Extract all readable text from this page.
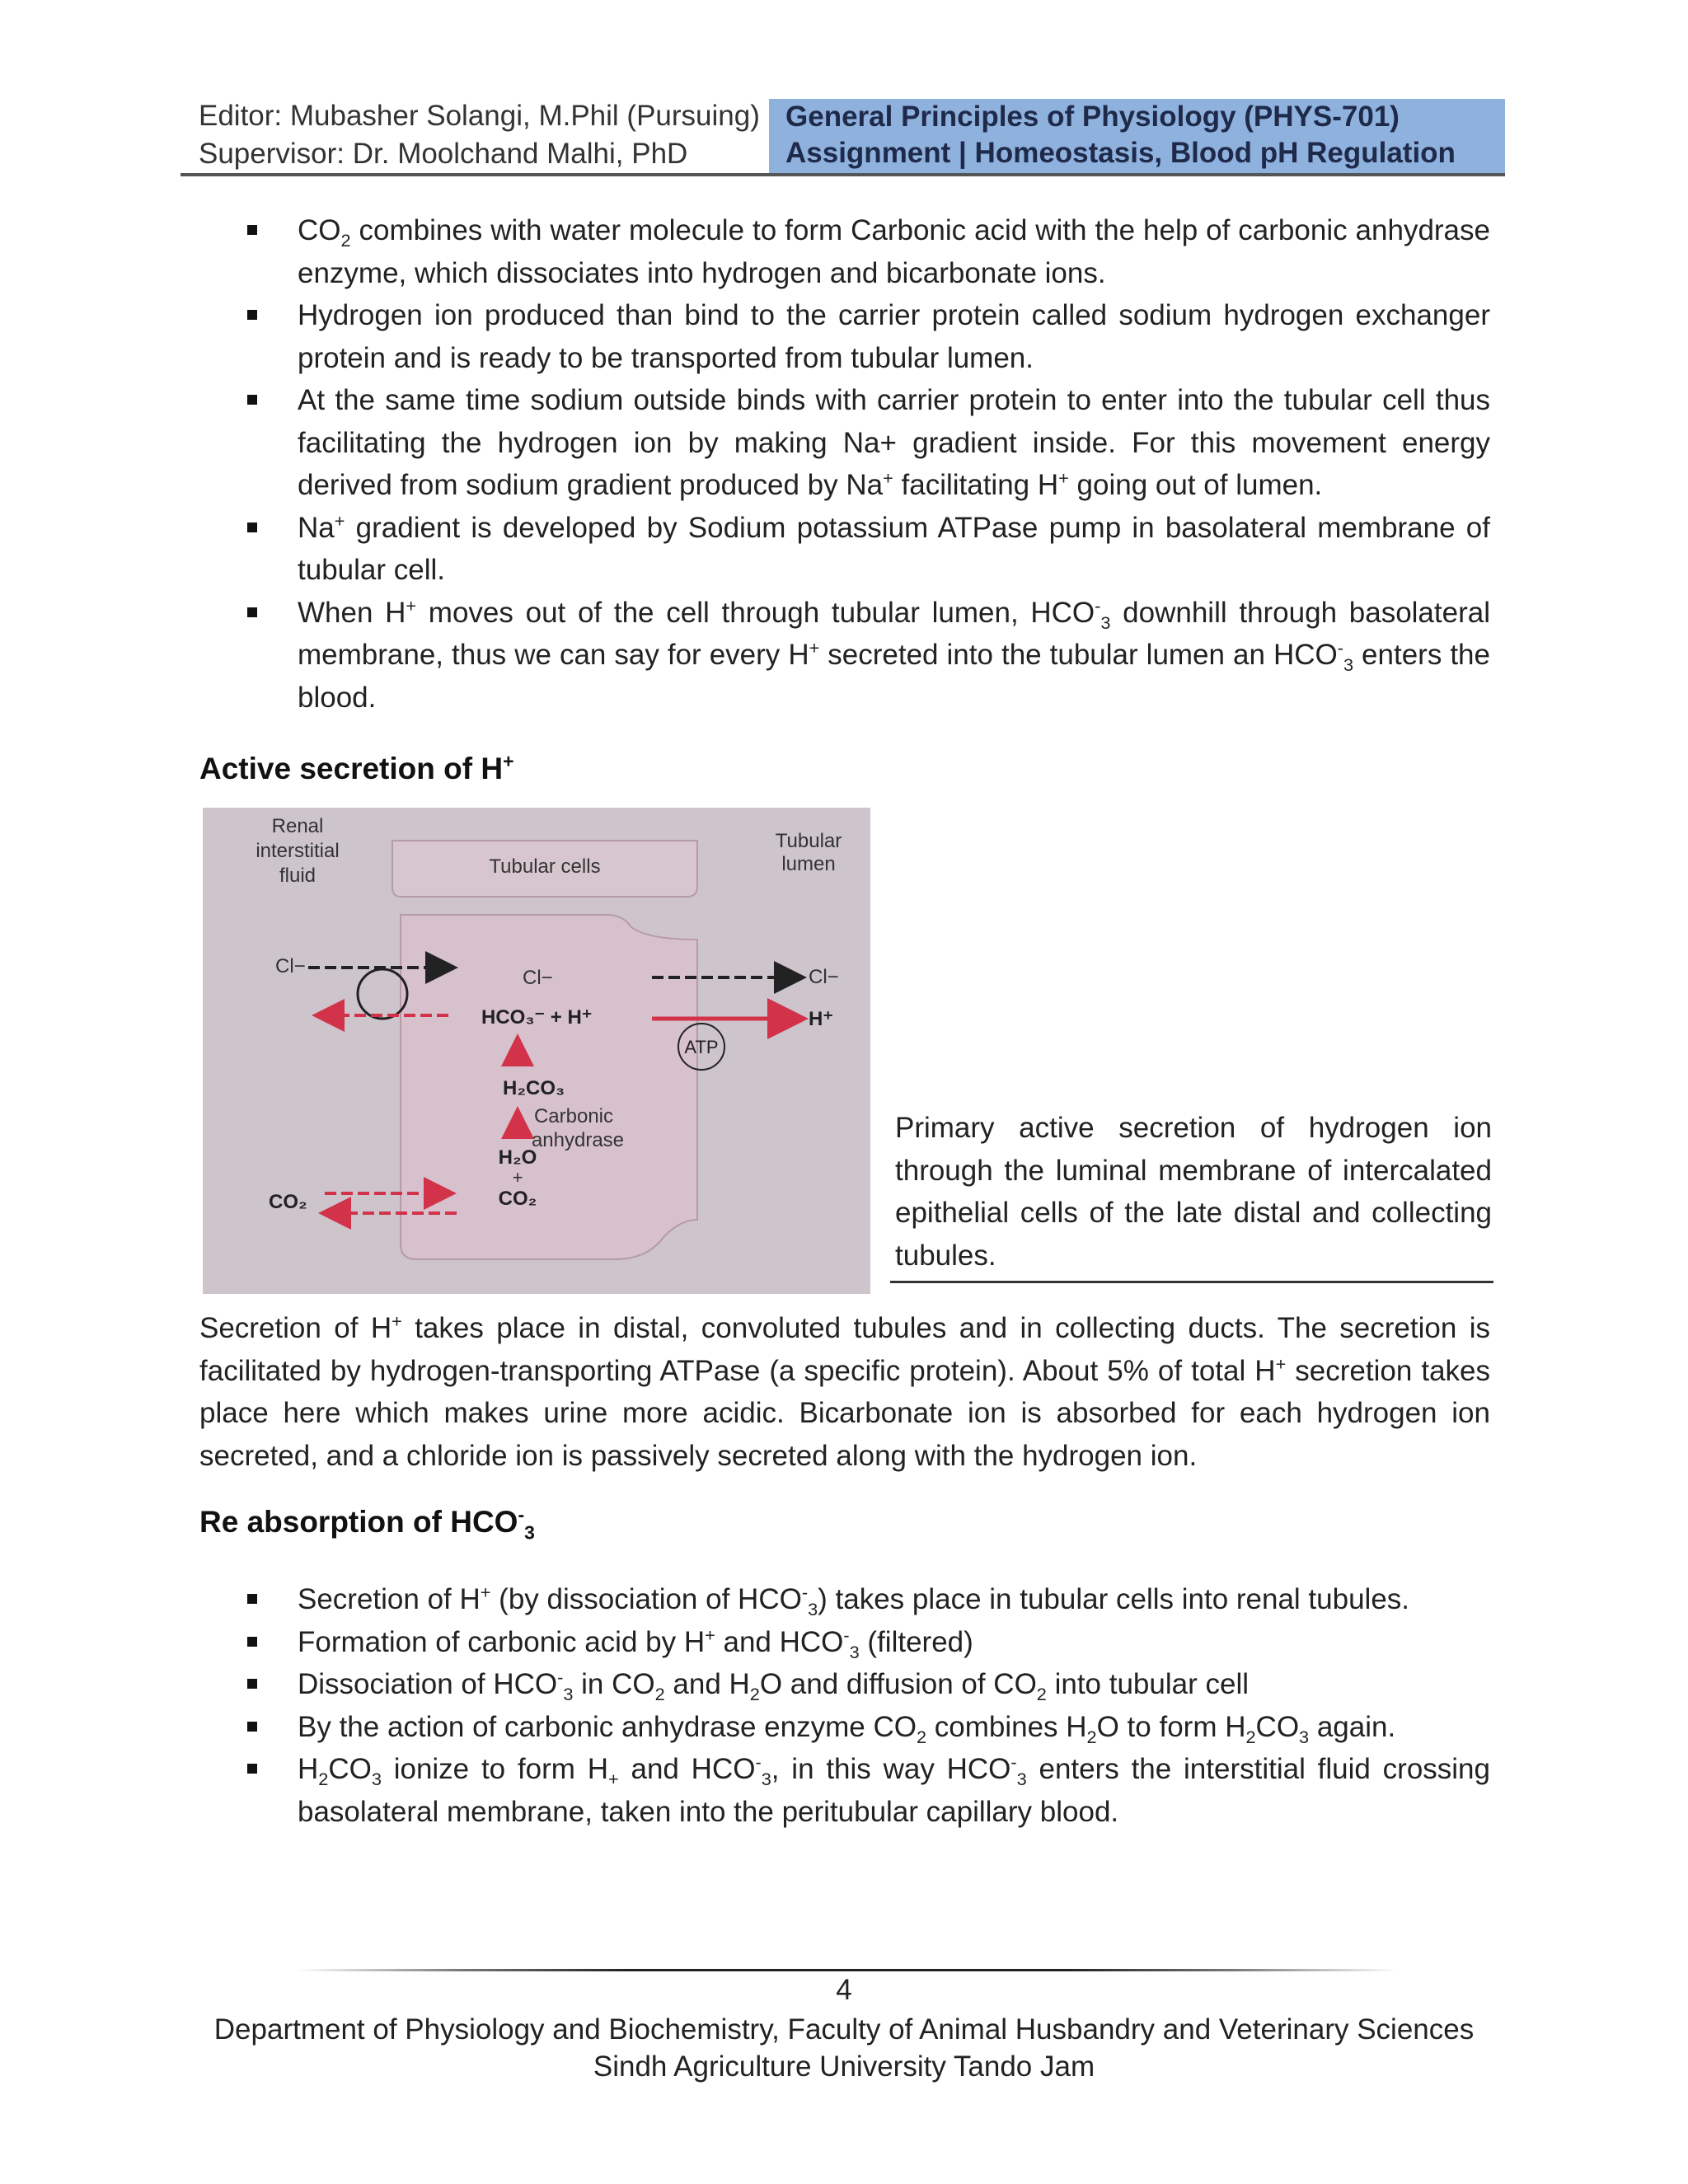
Editor: Mubasher Solangi, M.Phil (Pursuing)
Supervisor: Dr. Moolchand Malhi, PhD
General Principles of Physiology (PHYS-701)
Assignment | Homeostasis, Blood pH Regulation
$CO_2$ combines with water molecule to form Carbonic acid with the help of carbonic anhydrase enzyme, which dissociates into hydrogen and bicarbonate ions.
Hydrogen ion produced than bind to the carrier protein called sodium hydrogen exchanger protein and is ready to be transported from tubular lumen.
At the same time sodium outside binds with carrier protein to enter into the tubular cell thus facilitating the hydrogen ion by making Na+ gradient inside. For this movement energy derived from sodium gradient produced by Na+ facilitating H+ going out of lumen.
Na+ gradient is developed by Sodium potassium ATPase pump in basolateral membrane of tubular cell.
When H+ moves out of the cell through tubular lumen, $HCO^-_3$ downhill through basolateral membrane, thus we can say for every H+ secreted into the tubular lumen an $HCO^-_3$ enters the blood.
Active secretion of H+
Renal
interstitial
fluid	Tubular cells
Tubular
lumen
Cl−
Cl−	Cl−
HCO₃⁻ + H⁺	H⁺
ATP
H₂CO₃
Carbonic
anhydrase
H₂O
+
CO₂
CO₂
Primary active secretion of hydrogen ion through the luminal membrane of intercalated epithelial cells of the late distal and collecting tubules.
Secretion of H+ takes place in distal, convoluted tubules and in collecting ducts. The secretion is facilitated by hydrogen-transporting ATPase (a specific protein). About 5% of total H+ secretion takes place here which makes urine more acidic. Bicarbonate ion is absorbed for each hydrogen ion secreted, and a chloride ion is passively secreted along with the hydrogen ion.
Re absorption of $HCO^-_3$
Secretion of H+ (by dissociation of $HCO^-_3$) takes place in tubular cells into renal tubules.
Formation of carbonic acid by H+ and $HCO^-_3$ (filtered)
Dissociation of $HCO^-_3$ in $CO_2$ and $H_2O$ and diffusion of $CO_2$ into tubular cell
By the action of carbonic anhydrase enzyme $CO_2$ combines $H_2O$ to form $H_2CO_3$ again.
$H_2CO_3$ ionize to form $H_+$ and $HCO^-_3$, in this way $HCO^-_3$ enters the interstitial fluid crossing basolateral membrane, taken into the peritubular capillary blood.
4
Department of Physiology and Biochemistry, Faculty of Animal Husbandry and Veterinary Sciences
Sindh Agriculture University Tando Jam
